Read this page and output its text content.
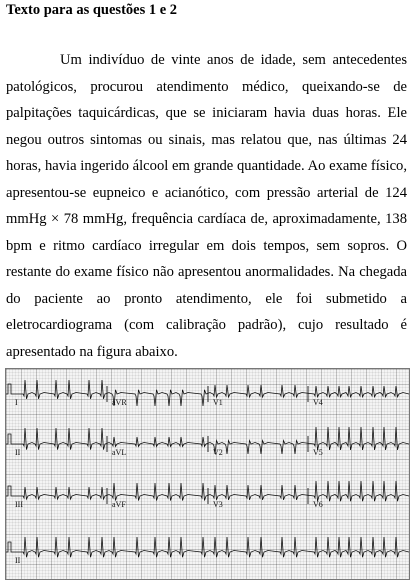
Texto para as questões 1 e 2

Um indivíduo de vinte anos de idade, sem antecedentes patológicos, procurou atendimento médico, queixando-se de palpitações taquicárdicas, que se iniciaram havia duas horas. Ele negou outros sintomas ou sinais, mas relatou que, nas últimas 24 horas, havia ingerido álcool em grande quantidade. Ao exame físico, apresentou-se eupneico e acianótico, com pressão arterial de 124 mmHg × 78 mmHg, frequência cardíaca de, aproximadamente, 138 bpm e ritmo cardíaco irregular em dois tempos, sem sopros. O restante do exame físico não apresentou anormalidades. Na chegada do paciente ao pronto atendimento, ele foi submetido a eletrocardiograma (com calibração padrão), cujo resultado é apresentado na figura abaixo.

I	aVR	V1	V4
II	aVL	V2	V5
III	aVF	V3	V6
II
